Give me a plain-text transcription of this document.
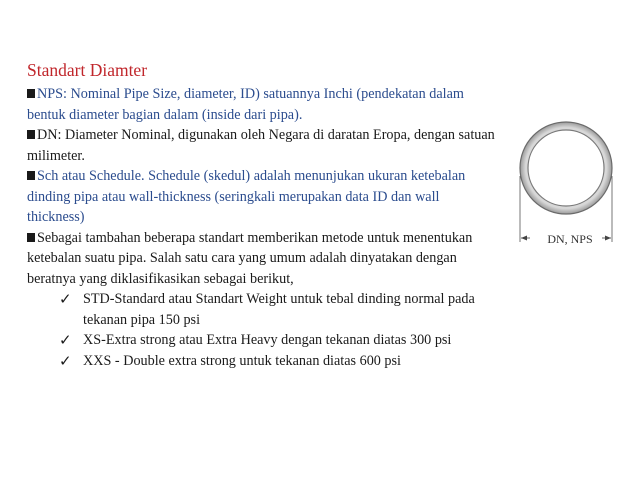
Standart Diamter
NPS: Nominal Pipe Size, diameter, ID) satuannya Inchi (pendekatan dalam bentuk diameter bagian dalam (inside dari pipa).
DN: Diameter Nominal, digunakan oleh Negara di daratan Eropa, dengan satuan milimeter.
Sch atau Schedule. Schedule (skedul) adalah menunjukan ukuran ketebalan dinding pipa atau wall-thickness (seringkali merupakan data ID dan wall thickness)
Sebagai tambahan beberapa standart memberikan metode untuk menentukan ketebalan suatu pipa. Salah satu cara yang umum adalah dinyatakan dengan beratnya yang diklasifikasikan sebagai berikut,
✓ STD-Standard atau Standart Weight untuk tebal dinding normal pada tekanan pipa 150 psi
✓ XS-Extra strong atau Extra Heavy dengan tekanan diatas 300 psi
✓ XXS - Double extra strong untuk tekanan diatas 600 psi
DN, NPS
